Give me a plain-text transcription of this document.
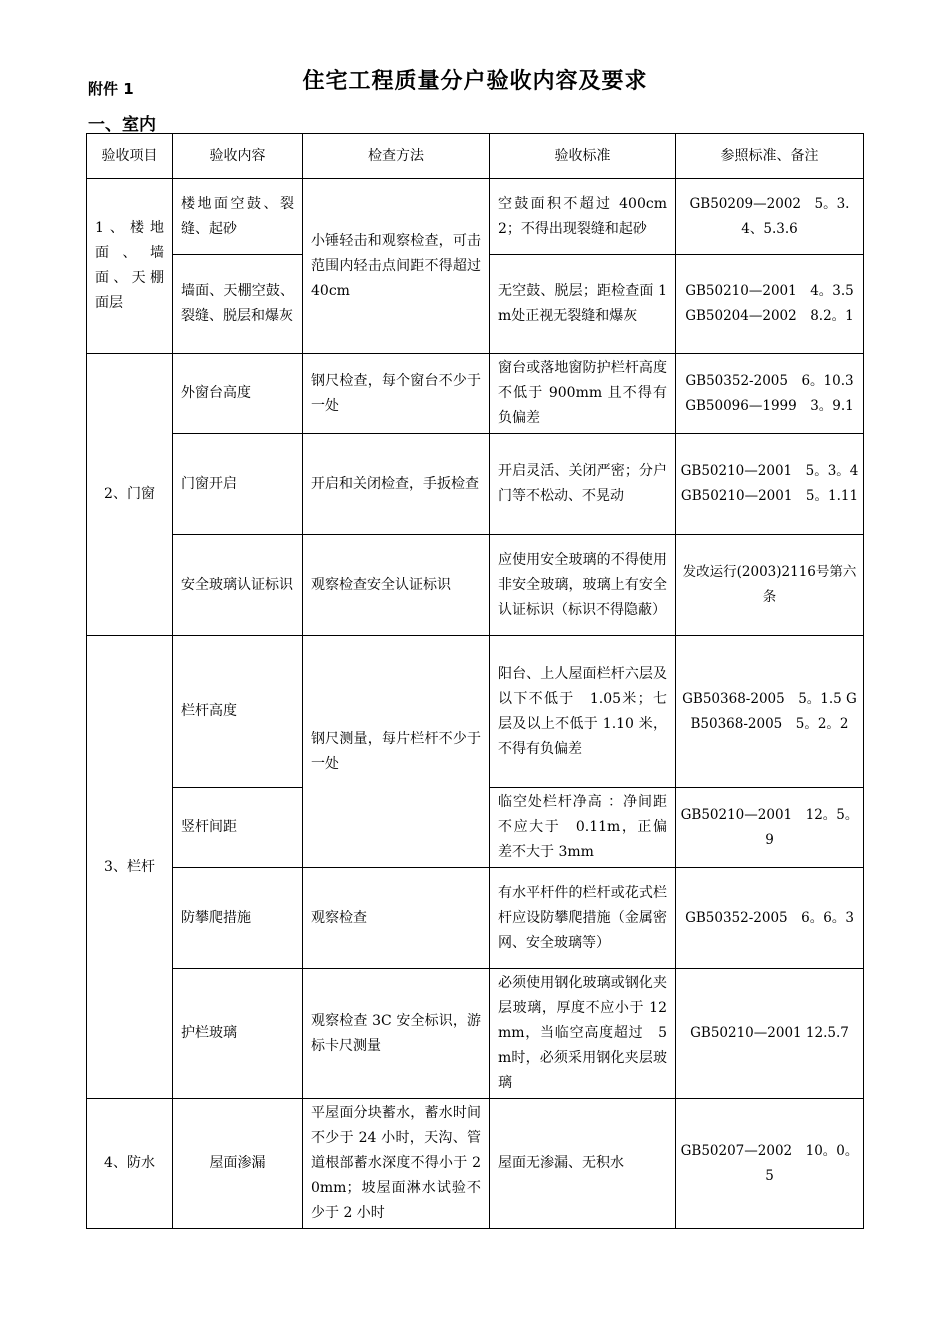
附件 1	住宅工程质量分户验收内容及要求
一、室内
验收项目	验收内容	检查方法	验收标准	参照标准、备注
1、楼地面、墙面、天棚面层	楼地面空鼓、裂缝、起砂	小锤轻击和观察检查，可击范围内轻击点间距不得超过 40cm	空鼓面积不超过 400cm2；不得出现裂缝和起砂	GB50209—2002　5。3.4、5.3.6
	墙面、天棚空鼓、裂缝、脱层和爆灰		无空鼓、脱层；距检查面 1m处正视无裂缝和爆灰	GB50210—2001　4。3.5 GB50204—2002　8.2。1
2、门窗	外窗台高度	钢尺检查，每个窗台不少于一处	窗台或落地窗防护栏杆高度不低于 900mm 且不得有负偏差	GB50352-2005　6。10.3 GB50096—1999　3。9.1
	门窗开启	开启和关闭检查，手扳检查	开启灵活、关闭严密；分户门等不松动、不晃动	GB50210—2001　5。3。4　GB50210—2001　5。1.11
	安全玻璃认证标识	观察检查安全认证标识	应使用安全玻璃的不得使用非安全玻璃，玻璃上有安全认证标识（标识不得隐蔽）	发改运行(2003)2116号第六条
3、栏杆	栏杆高度	钢尺测量，每片栏杆不少于一处	阳台、上人屋面栏杆六层及以下不低于　1.05米；七层及以上不低于 1.10 米，不得有负偏差	GB50368-2005　5。1.5 GB50368-2005　5。2。2
	竖杆间距		临空处栏杆净高 ：净间距不应大于　0.11m，正偏差不大于 3mm	GB50210—2001　12。5。9
	防攀爬措施	观察检查	有水平杆件的栏杆或花式栏杆应设防攀爬措施（金属密网、安全玻璃等）	GB50352-2005　6。6。3
	护栏玻璃	观察检查 3C 安全标识，游标卡尺测量	必须使用钢化玻璃或钢化夹层玻璃，厚度不应小于 12mm，当临空高度超过　5m时，必须采用钢化夹层玻璃	GB50210—2001 12.5.7
4、防水	屋面渗漏	平屋面分块蓄水，蓄水时间不少于 24 小时，天沟、管道根部蓄水深度不得小于 20mm；坡屋面淋水试验不少于 2 小时	屋面无渗漏、无积水	GB50207—2002　10。0。5
